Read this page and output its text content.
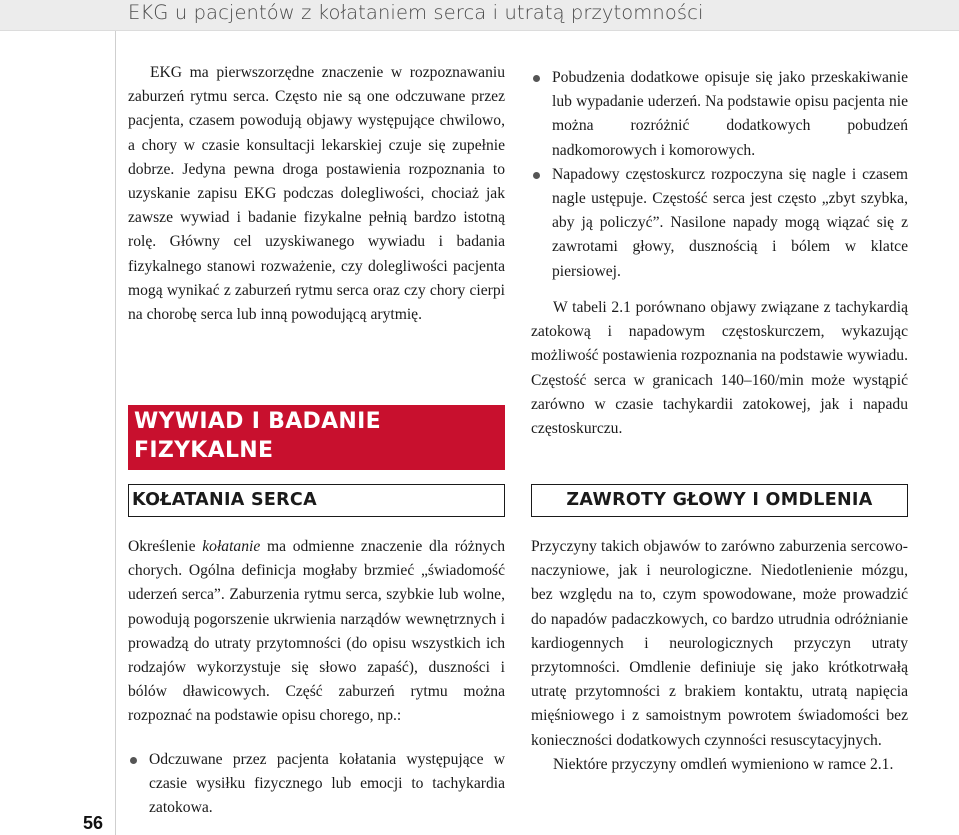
EKG u pacjentów z kołataniem serca i utratą przytomności
56

EKG ma pierwszorzędne znaczenie w rozpoznawaniu zaburzeń rytmu serca. Często nie są one odczuwane przez pacjenta, czasem powodują objawy występujące chwilowo, a chory w czasie konsultacji lekarskiej czuje się zupełnie dobrze. Jedyna pewna droga postawienia rozpoznania to uzyskanie zapisu EKG podczas dolegliwości, chociaż jak zawsze wywiad i badanie fizykalne pełnią bardzo istotną rolę. Główny cel uzyskiwanego wywiadu i badania fizykalnego stanowi rozważenie, czy dolegliwości pacjenta mogą wynikać z zaburzeń rytmu serca oraz czy chory cierpi na chorobę serca lub inną powodującą arytmię.

WYWIAD I BADANIE FIZYKALNE
KOŁATANIA SERCA

Określenie kołatanie ma odmienne znaczenie dla różnych chorych. Ogólna definicja mogłaby brzmieć „świadomość uderzeń serca”. Zaburzenia rytmu serca, szybkie lub wolne, powodują pogorszenie ukrwienia narządów wewnętrznych i prowadzą do utraty przytomności (do opisu wszystkich ich rodzajów wykorzystuje się słowo zapaść), duszności i bólów dławicowych. Część zaburzeń rytmu można rozpoznać na podstawie opisu chorego, np.:

Odczuwane przez pacjenta kołatania występujące w czasie wysiłku fizycznego lub emocji to tachykardia zatokowa.
Pobudzenia dodatkowe opisuje się jako przeskakiwanie lub wypadanie uderzeń. Na podstawie opisu pacjenta nie można rozróżnić dodatkowych pobudzeń nadkomorowych i komorowych.
Napadowy częstoskurcz rozpoczyna się nagle i czasem nagle ustępuje. Częstość serca jest często „zbyt szybka, aby ją policzyć”. Nasilone napady mogą wiązać się z zawrotami głowy, dusznością i bólem w klatce piersiowej.

W tabeli 2.1 porównano objawy związane z tachykardią zatokową i napadowym częstoskurczem, wykazując możliwość postawienia rozpoznania na podstawie wywiadu. Częstość serca w granicach 140–160/min może wystąpić zarówno w czasie tachykardii zatokowej, jak i napadu częstoskurczu.

ZAWROTY GŁOWY I OMDLENIA

Przyczyny takich objawów to zarówno zaburzenia sercowo-naczyniowe, jak i neurologiczne. Niedotlenienie mózgu, bez względu na to, czym spowodowane, może prowadzić do napadów padaczkowych, co bardzo utrudnia odróżnianie kardiogennych i neurologicznych przyczyn utraty przytomności. Omdlenie definiuje się jako krótkotrwałą utratę przytomności z brakiem kontaktu, utratą napięcia mięśniowego i z samoistnym powrotem świadomości bez konieczności dodatkowych czynności resuscytacyjnych.

Niektóre przyczyny omdleń wymieniono w ramce 2.1.
